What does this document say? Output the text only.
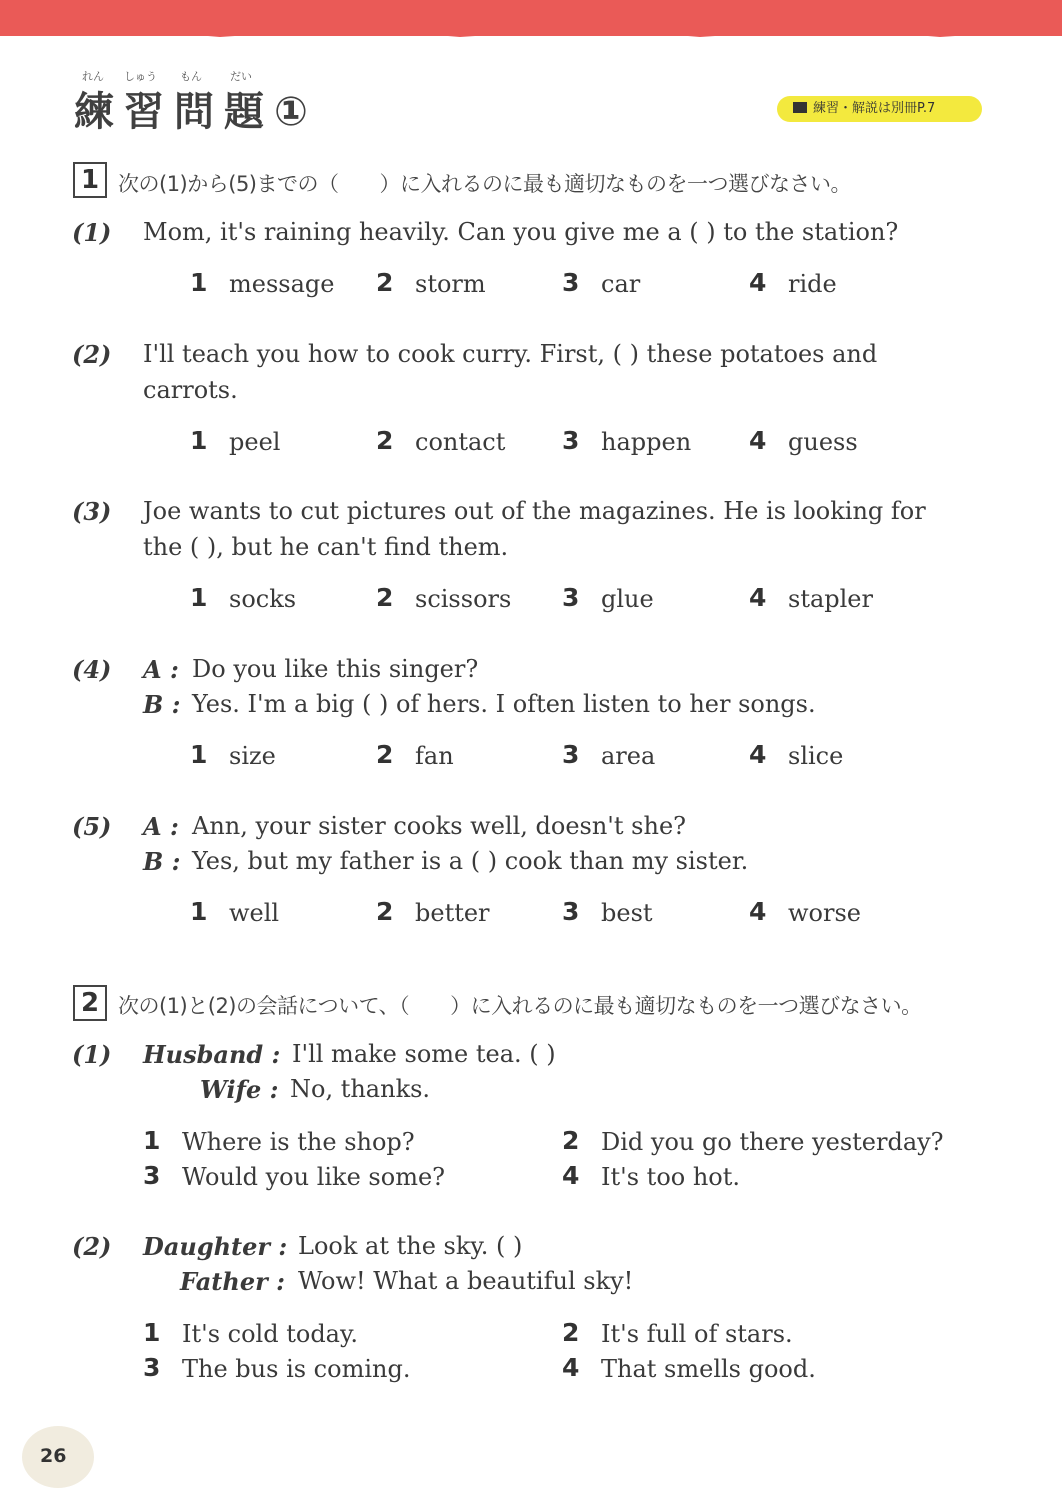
れん しゅう もん	だい
練習問題①	練習・解説は別冊P.7
1 次の(1)から(5)までの（　　）に入れるのに最も適切なものを一つ選びなさい。
(1) Mom, it's raining heavily. Can you give me a ( ) to the station?
1 message 2 storm	3 car	4 ride
(2) I'll teach you how to cook curry. First, ( ) these potatoes and
carrots.
1 peel	2 contact 3 happen 4 guess
(3) Joe wants to cut pictures out of the magazines. He is looking for
the ( ), but he can't find them.
1 socks	2 scissors 3 glue	4 stapler
(4) A : Do you like this singer?
B : Yes. I'm a big ( ) of hers. I often listen to her songs.
1 size	2 fan	3 area	4 slice
(5) A : Ann, your sister cooks well, doesn't she?
B : Yes, but my father is a ( ) cook than my sister.
1 well	2 better	3 best	4 worse
2 次の(1)と(2)の会話について、（　　）に入れるのに最も適切なものを一つ選びなさい。
(1) Husband : I'll make some tea. ( )
Wife : No, thanks.
1 Where is the shop?	2 Did you go there yesterday?
3 Would you like some?	4 It's too hot.
(2) Daughter : Look at the sky. ( )
Father : Wow! What a beautiful sky!
1 It's cold today.	2 It's full of stars.
3 The bus is coming.	4 That smells good.
26
